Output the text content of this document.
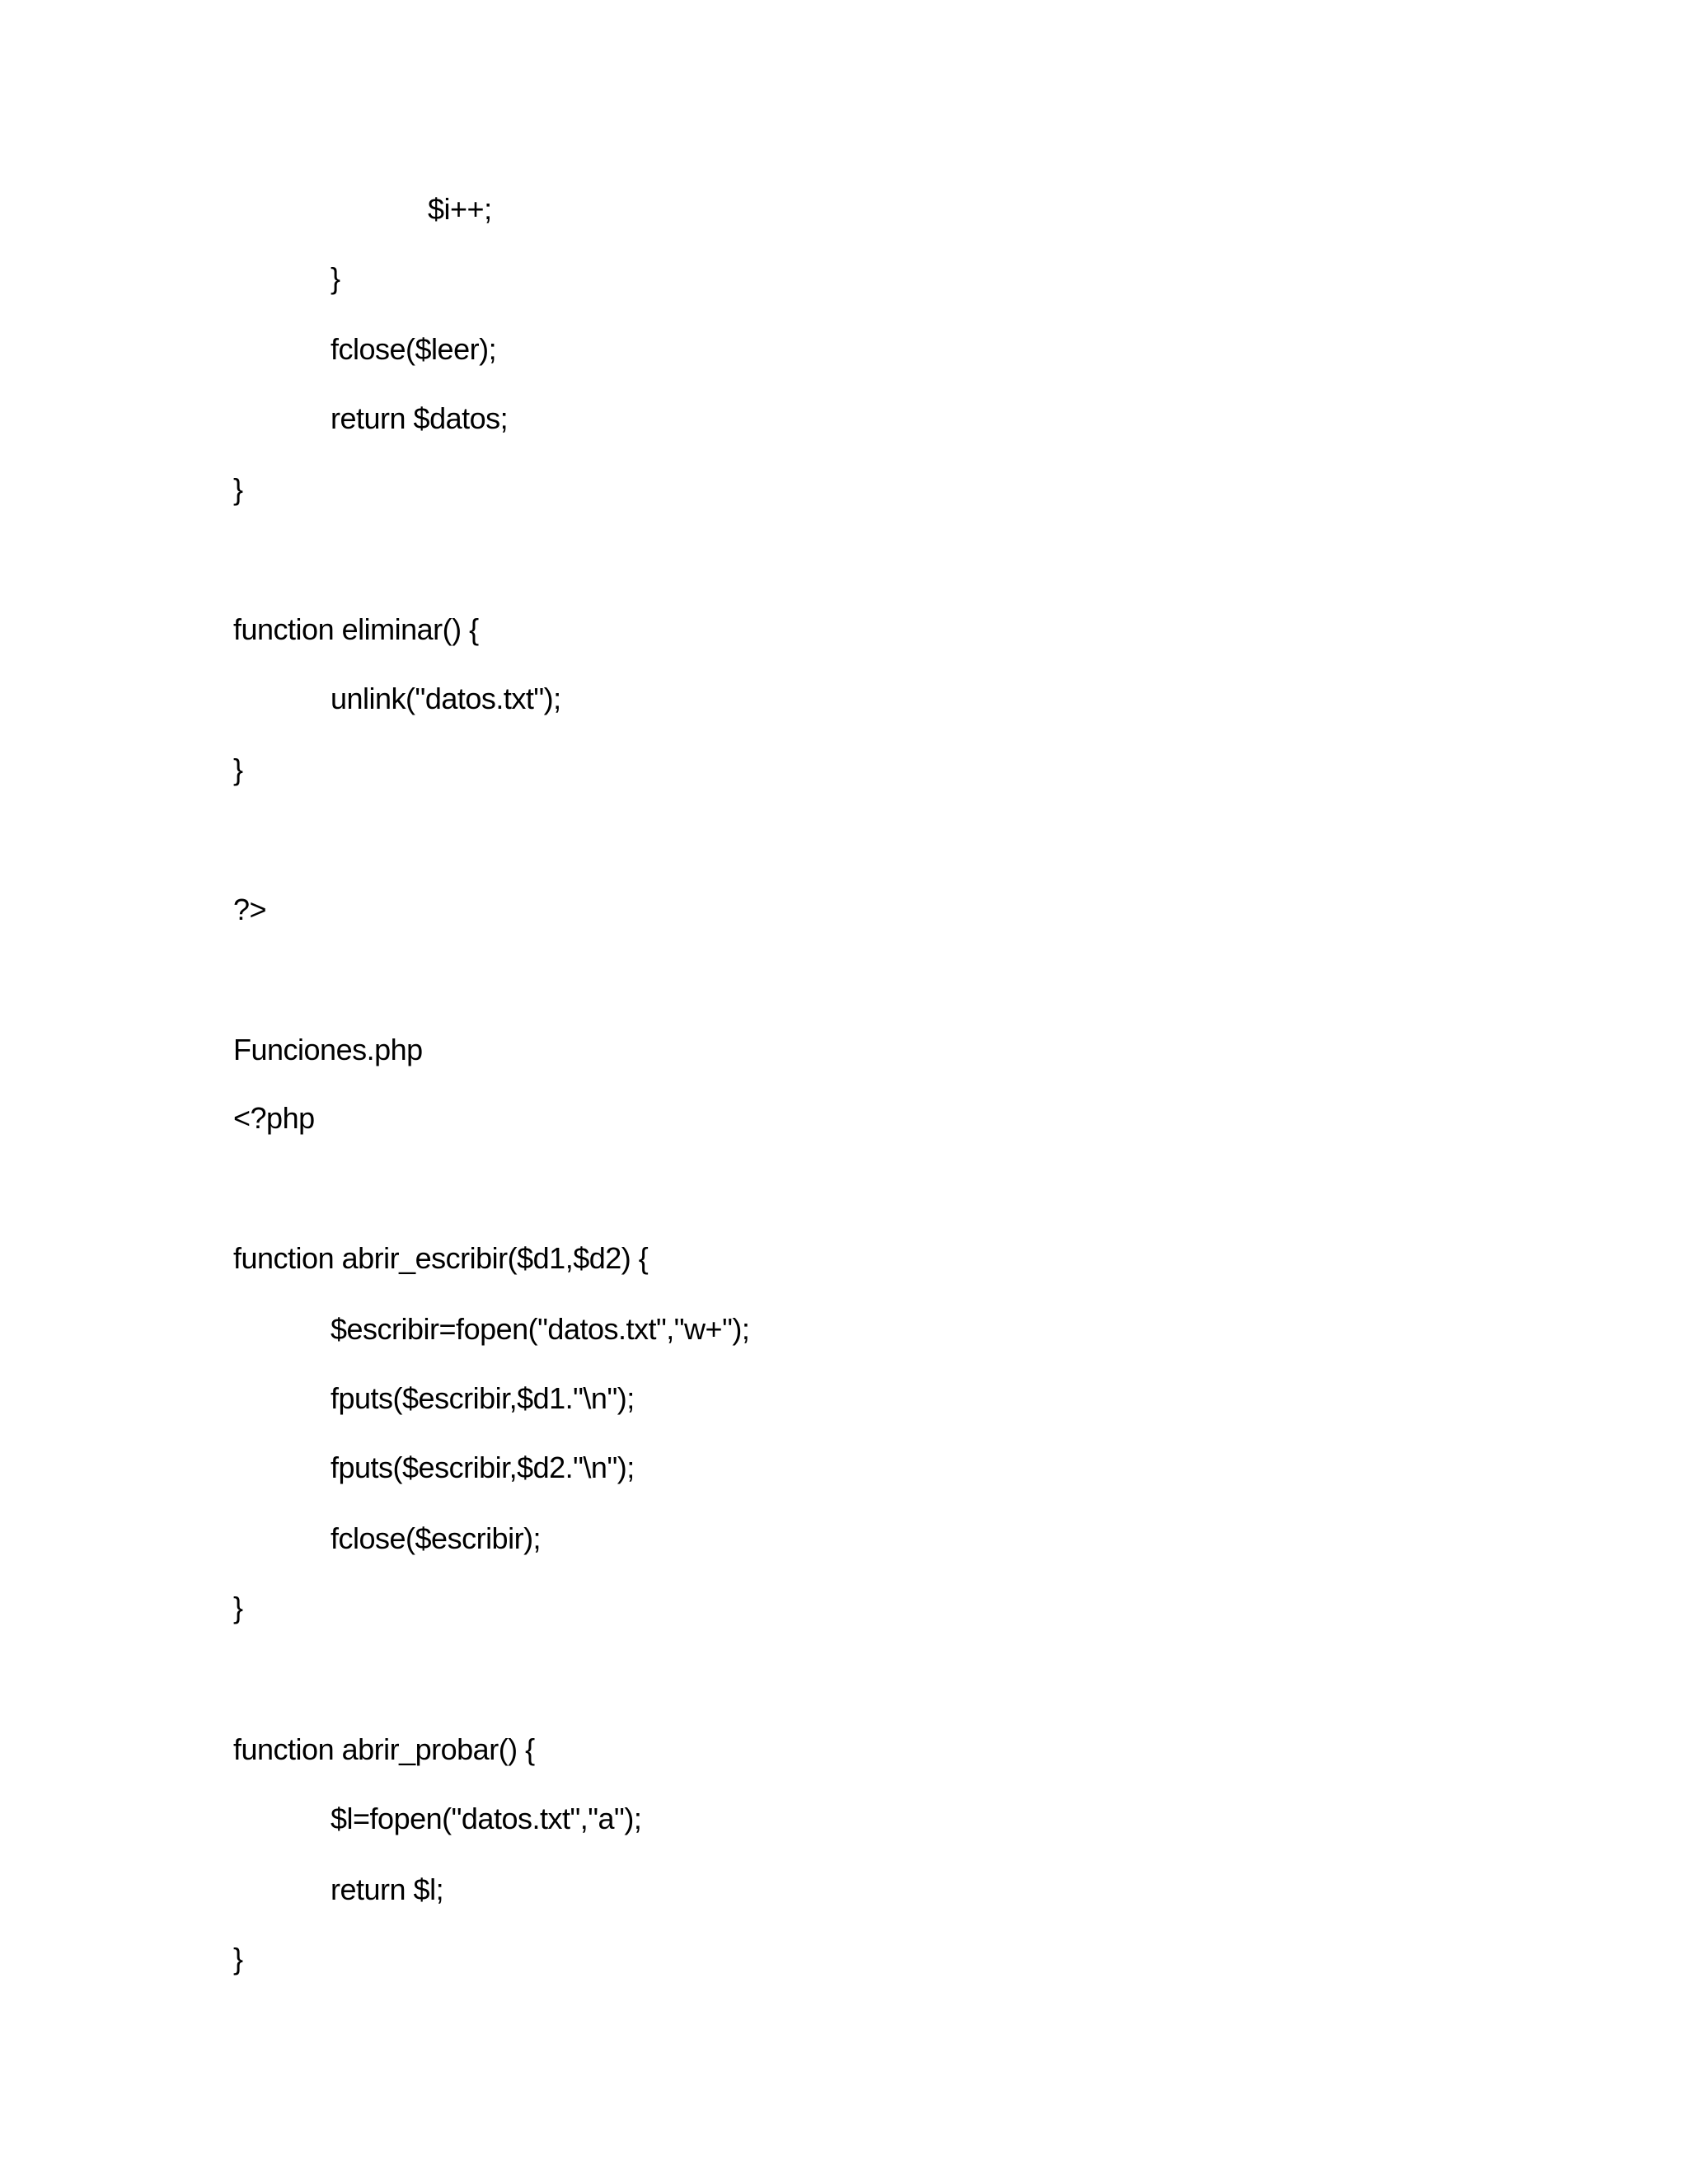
$i++;
}
fclose($leer);
return $datos;
}
function eliminar() {
unlink("datos.txt");
}
?>
Funciones.php
<?php
function abrir_escribir($d1,$d2) {
$escribir=fopen("datos.txt","w+");
fputs($escribir,$d1."\n");
fputs($escribir,$d2."\n");
fclose($escribir);
}
function abrir_probar() {
$l=fopen("datos.txt","a");
return $l;
}
